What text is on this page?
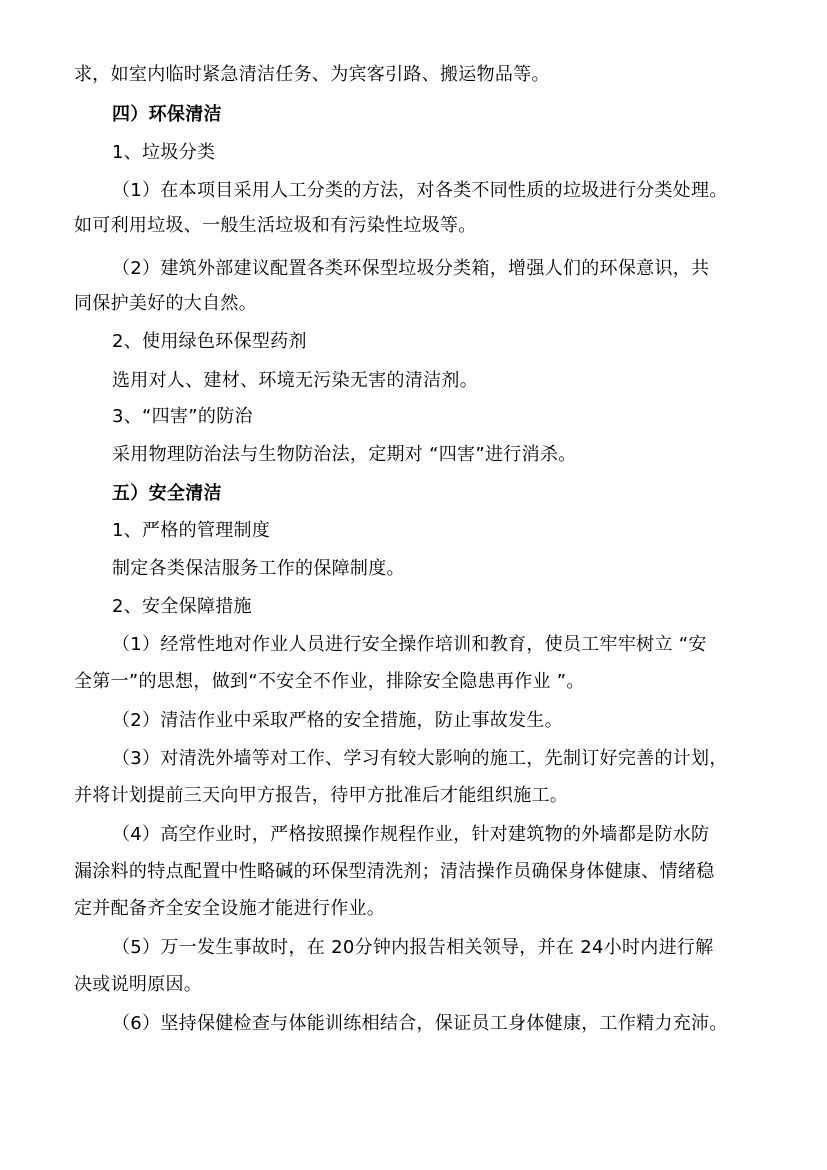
求，如室内临时紧急清洁任务、为宾客引路、搬运物品等。
四）环保清洁
1、垃圾分类
（1）在本项目采用人工分类的方法，对各类不同性质的垃圾进行分类处理。
如可利用垃圾、一般生活垃圾和有污染性垃圾等。
（2）建筑外部建议配置各类环保型垃圾分类箱，增强人们的环保意识，共
同保护美好的大自然。
2、使用绿色环保型药剂
选用对人、建材、环境无污染无害的清洁剂。
3、“四害”的防治
采用物理防治法与生物防治法，定期对 “四害”进行消杀。
五）安全清洁
1、严格的管理制度
制定各类保洁服务工作的保障制度。
2、安全保障措施
（1）经常性地对作业人员进行安全操作培训和教育，使员工牢牢树立 “安
全第一”的思想，做到“不安全不作业，排除安全隐患再作业 ”。
（2）清洁作业中采取严格的安全措施，防止事故发生。
（3）对清洗外墙等对工作、学习有较大影响的施工，先制订好完善的计划，
并将计划提前三天向甲方报告，待甲方批准后才能组织施工。
（4）高空作业时，严格按照操作规程作业，针对建筑物的外墙都是防水防
漏涂料的特点配置中性略碱的环保型清洗剂；清洁操作员确保身体健康、情绪稳
定并配备齐全安全设施才能进行作业。
（5）万一发生事故时，在 20分钟内报告相关领导，并在 24小时内进行解
决或说明原因。
（6）坚持保健检查与体能训练相结合，保证员工身体健康，工作精力充沛。
